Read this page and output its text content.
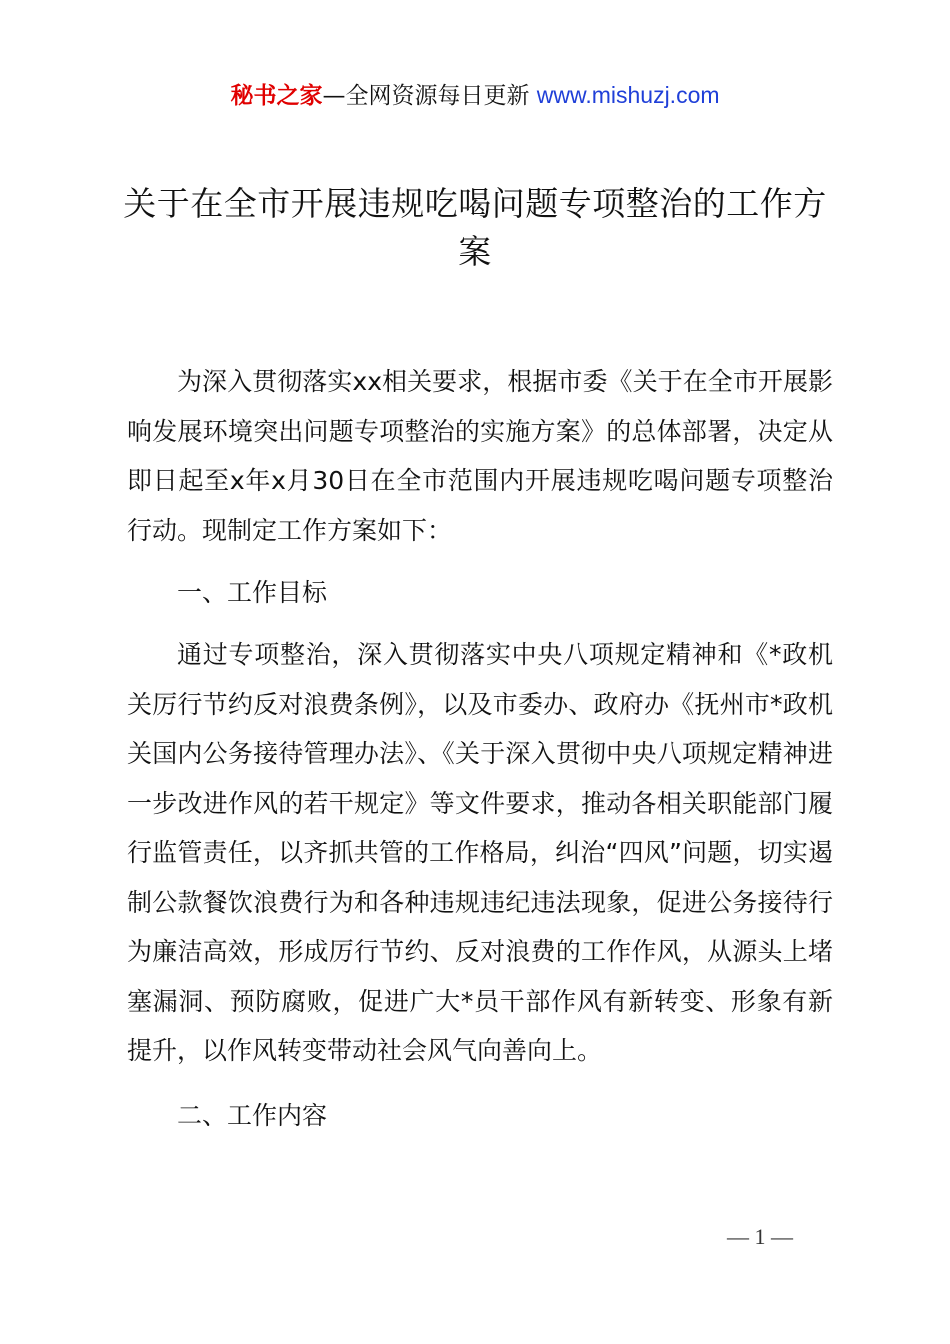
秘书之家—全网资源每日更新 www.mishuzj.com
关于在全市开展违规吃喝问题专项整治的工作方案

为深入贯彻落实xx相关要求，根据市委《关于在全市开展影响发展环境突出问题专项整治的实施方案》的总体部署，决定从即日起至x年x月30日在全市范围内开展违规吃喝问题专项整治行动。现制定工作方案如下：

一、工作目标

通过专项整治，深入贯彻落实中央八项规定精神和《*政机关厉行节约反对浪费条例》，以及市委办、政府办《抚州市*政机关国内公务接待管理办法》、《关于深入贯彻中央八项规定精神进一步改进作风的若干规定》等文件要求，推动各相关职能部门履行监管责任，以齐抓共管的工作格局，纠治“四风”问题，切实遏制公款餐饮浪费行为和各种违规违纪违法现象，促进公务接待行为廉洁高效，形成厉行节约、反对浪费的工作作风，从源头上堵塞漏洞、预防腐败，促进广大*员干部作风有新转变、形象有新提升，以作风转变带动社会风气向善向上。

二、工作内容

— 1 —
